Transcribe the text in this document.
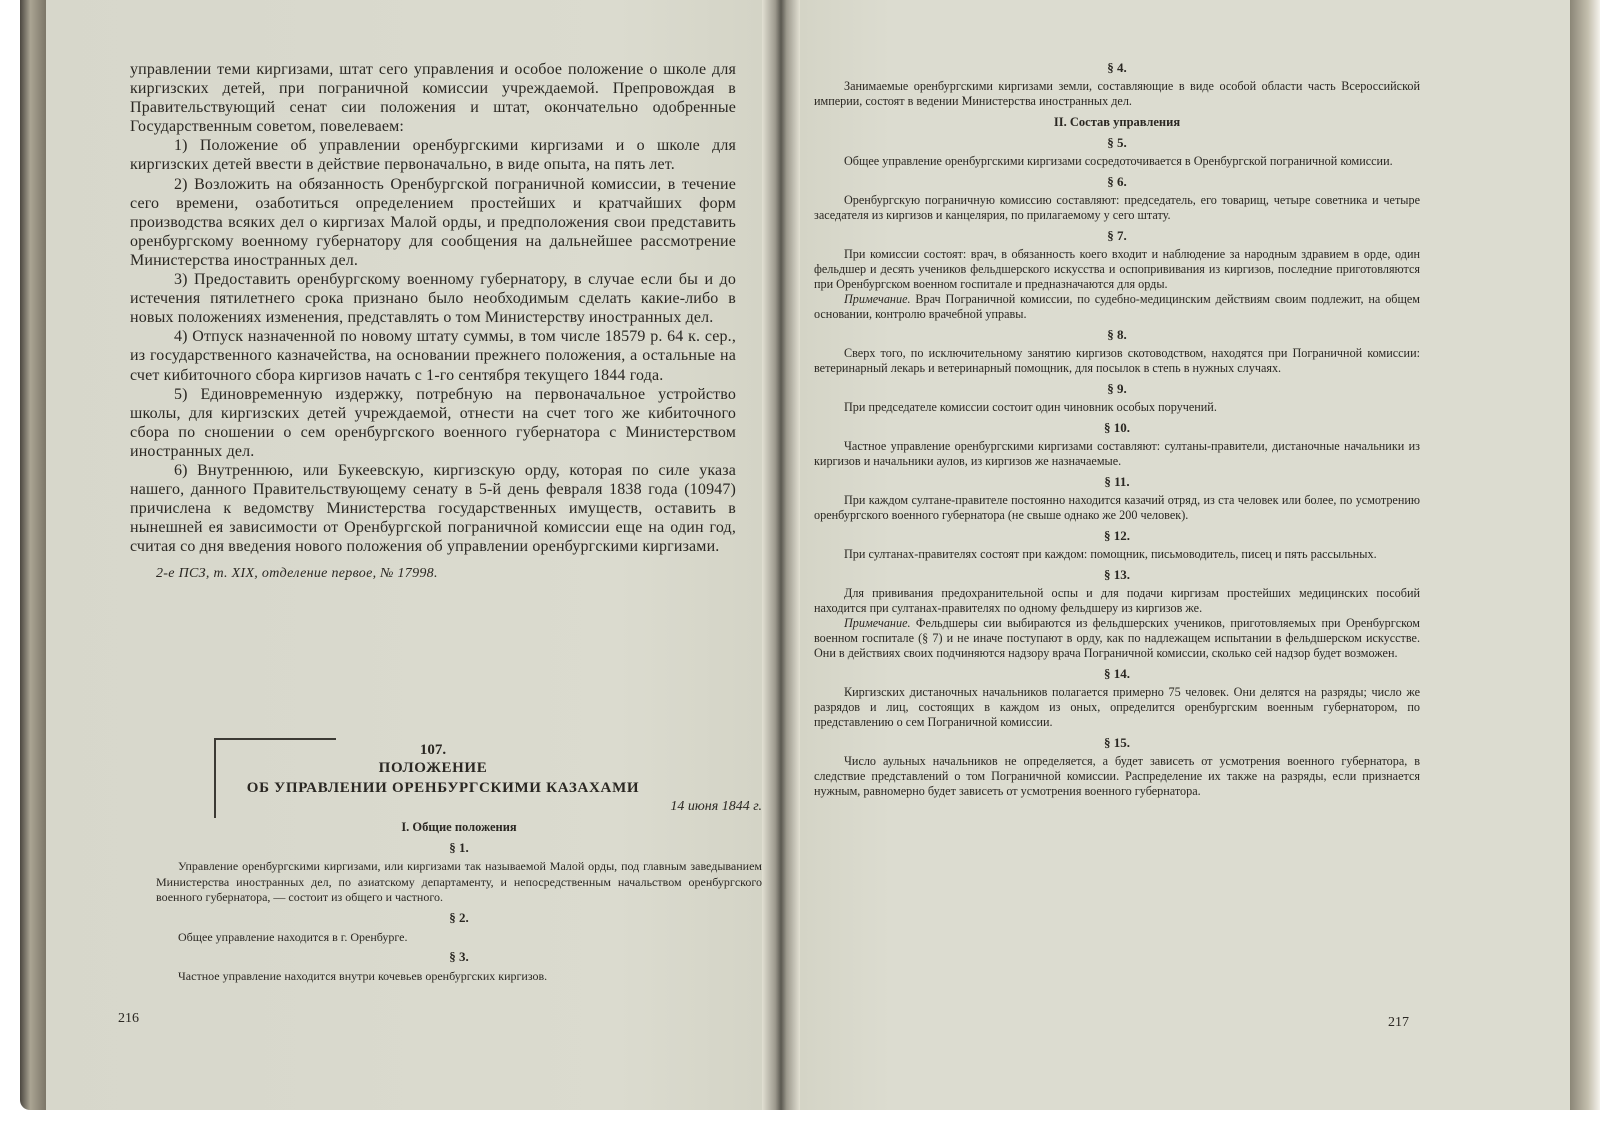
управлении теми киргизами, штат сего управления и особое положение о школе для киргизских детей, при пограничной комиссии учреждаемой. Препровождая в Правительствующий сенат сии положения и штат, окончательно одобренные Государственным советом, повелеваем:

1) Положение об управлении оренбургскими киргизами и о школе для киргизских детей ввести в действие первоначально, в виде опыта, на пять лет.

2) Возложить на обязанность Оренбургской пограничной комиссии, в течение сего времени, озаботиться определением простейших и кратчайших форм производства всяких дел о киргизах Малой орды, и предположения свои представить оренбургскому военному губернатору для сообщения на дальнейшее рассмотрение Министерства иностранных дел.

3) Предоставить оренбургскому военному губернатору, в случае если бы и до истечения пятилетнего срока признано было необходимым сделать какие-либо в новых положениях изменения, представлять о том Министерству иностранных дел.

4) Отпуск назначенной по новому штату суммы, в том числе 18579 р. 64 к. сер., из государственного казначейства, на основании прежнего положения, а остальные на счет кибиточного сбора киргизов начать с 1-го сентября текущего 1844 года.

5) Единовременную издержку, потребную на первоначальное устройство школы, для киргизских детей учреждаемой, отнести на счет того же кибиточного сбора по сношении о сем оренбургского военного губернатора с Министерством иностранных дел.

6) Внутреннюю, или Букеевскую, киргизскую орду, которая по силе указа нашего, данного Правительствующему сенату в 5-й день февраля 1838 года (10947) причислена к ведомству Министерства государственных имуществ, оставить в нынешней ея зависимости от Оренбургской пограничной комиссии еще на один год, считая со дня введения нового положения об управлении оренбургскими киргизами.

2-е ПСЗ, т. XIX, отделение первое, № 17998.

107.
ПОЛОЖЕНИЕ
ОБ УПРАВЛЕНИИ ОРЕНБУРГСКИМИ КАЗАХАМИ
14 июня 1844 г.
I. Общие положения
§ 1.

Управление оренбургскими киргизами, или киргизами так называемой Малой орды, под главным заведыванием Министерства иностранных дел, по азиатскому департаменту, и непосредственным начальством оренбургского военного губернатора, — состоит из общего и частного.

§ 2.

Общее управление находится в г. Оренбурге.

§ 3.

Частное управление находится внутри кочевьев оренбургских киргизов.

216
§ 4.

Занимаемые оренбургскими киргизами земли, составляющие в виде особой области часть Всероссийской империи, состоят в ведении Министерства иностранных дел.

II. Состав управления
§ 5.

Общее управление оренбургскими киргизами сосредоточивается в Оренбургской пограничной комиссии.

§ 6.

Оренбургскую пограничную комиссию составляют: председатель, его товарищ, четыре советника и четыре заседателя из киргизов и канцелярия, по прилагаемому у сего штату.

§ 7.

При комиссии состоят: врач, в обязанность коего входит и наблюдение за народным здравием в орде, один фельдшер и десять учеников фельдшерского искусства и оспопрививания из киргизов, последние приготовляются при Оренбургском военном госпитале и предназначаются для орды.

Примечание. Врач Пограничной комиссии, по судебно-медицинским действиям своим подлежит, на общем основании, контролю врачебной управы.

§ 8.

Сверх того, по исключительному занятию киргизов скотоводством, находятся при Пограничной комиссии: ветеринарный лекарь и ветеринарный помощник, для посылок в степь в нужных случаях.

§ 9.

При председателе комиссии состоит один чиновник особых поручений.

§ 10.

Частное управление оренбургскими киргизами составляют: султаны-правители, дистаночные начальники из киргизов и начальники аулов, из киргизов же назначаемые.

§ 11.

При каждом султане-правителе постоянно находится казачий отряд, из ста человек или более, по усмотрению оренбургского военного губернатора (не свыше однако же 200 человек).

§ 12.

При султанах-правителях состоят при каждом: помощник, письмоводитель, писец и пять рассыльных.

§ 13.

Для прививания предохранительной оспы и для подачи киргизам простейших медицинских пособий находится при султанах-правителях по одному фельдшеру из киргизов же.

Примечание. Фельдшеры сии выбираются из фельдшерских учеников, приготовляемых при Оренбургском военном госпитале (§ 7) и не иначе поступают в орду, как по надлежащем испытании в фельдшерском искусстве. Они в действиях своих подчиняются надзору врача Пограничной комиссии, сколько сей надзор будет возможен.

§ 14.

Киргизских дистаночных начальников полагается примерно 75 человек. Они делятся на разряды; число же разрядов и лиц, состоящих в каждом из оных, определится оренбургским военным губернатором, по представлению о сем Пограничной комиссии.

§ 15.

Число аульных начальников не определяется, а будет зависеть от усмотрения военного губернатора, в следствие представлений о том Пограничной комиссии. Распределение их также на разряды, если признается нужным, равномерно будет зависеть от усмотрения военного губернатора.

217
